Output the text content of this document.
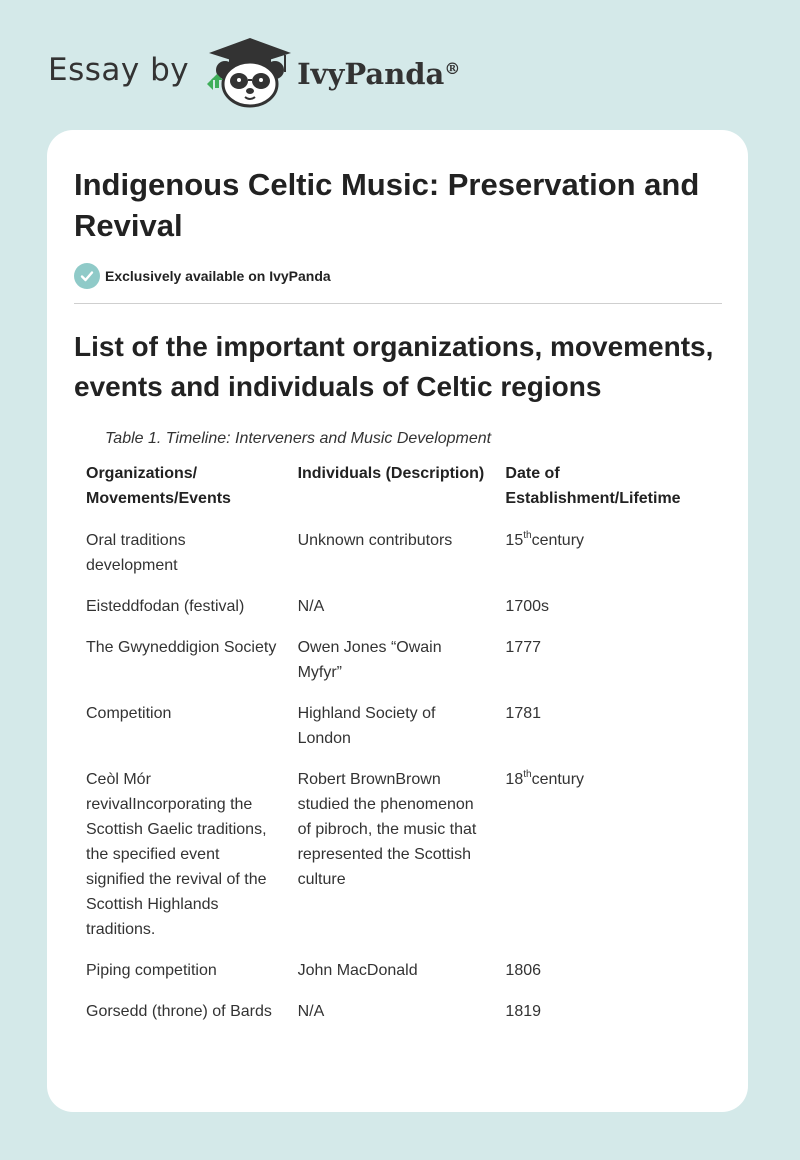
Essay by	IvyPanda®
Indigenous Celtic Music: Preservation and Revival
Exclusively available on IvyPanda
List of the important organizations, movements, events and individuals of Celtic regions
Table 1. Timeline: Interveners and Music Development
Organizations/ Movements/Events	Individuals (Description)	Date of Establishment/Lifetime
Oral traditions development	Unknown contributors	15thcentury
Eisteddfodan (festival)	N/A	1700s
The Gwyneddigion Society	Owen Jones “Owain Myfyr”	1777
Competition	Highland Society of London	1781
Ceòl Mór revivalIncorporating the Scottish Gaelic traditions, the specified event signified the revival of the Scottish Highlands traditions.	Robert BrownBrown studied the phenomenon of pibroch, the music that represented the Scottish culture	18thcentury
Piping competition	John MacDonald	1806
Gorsedd (throne) of Bards	N/A	1819
